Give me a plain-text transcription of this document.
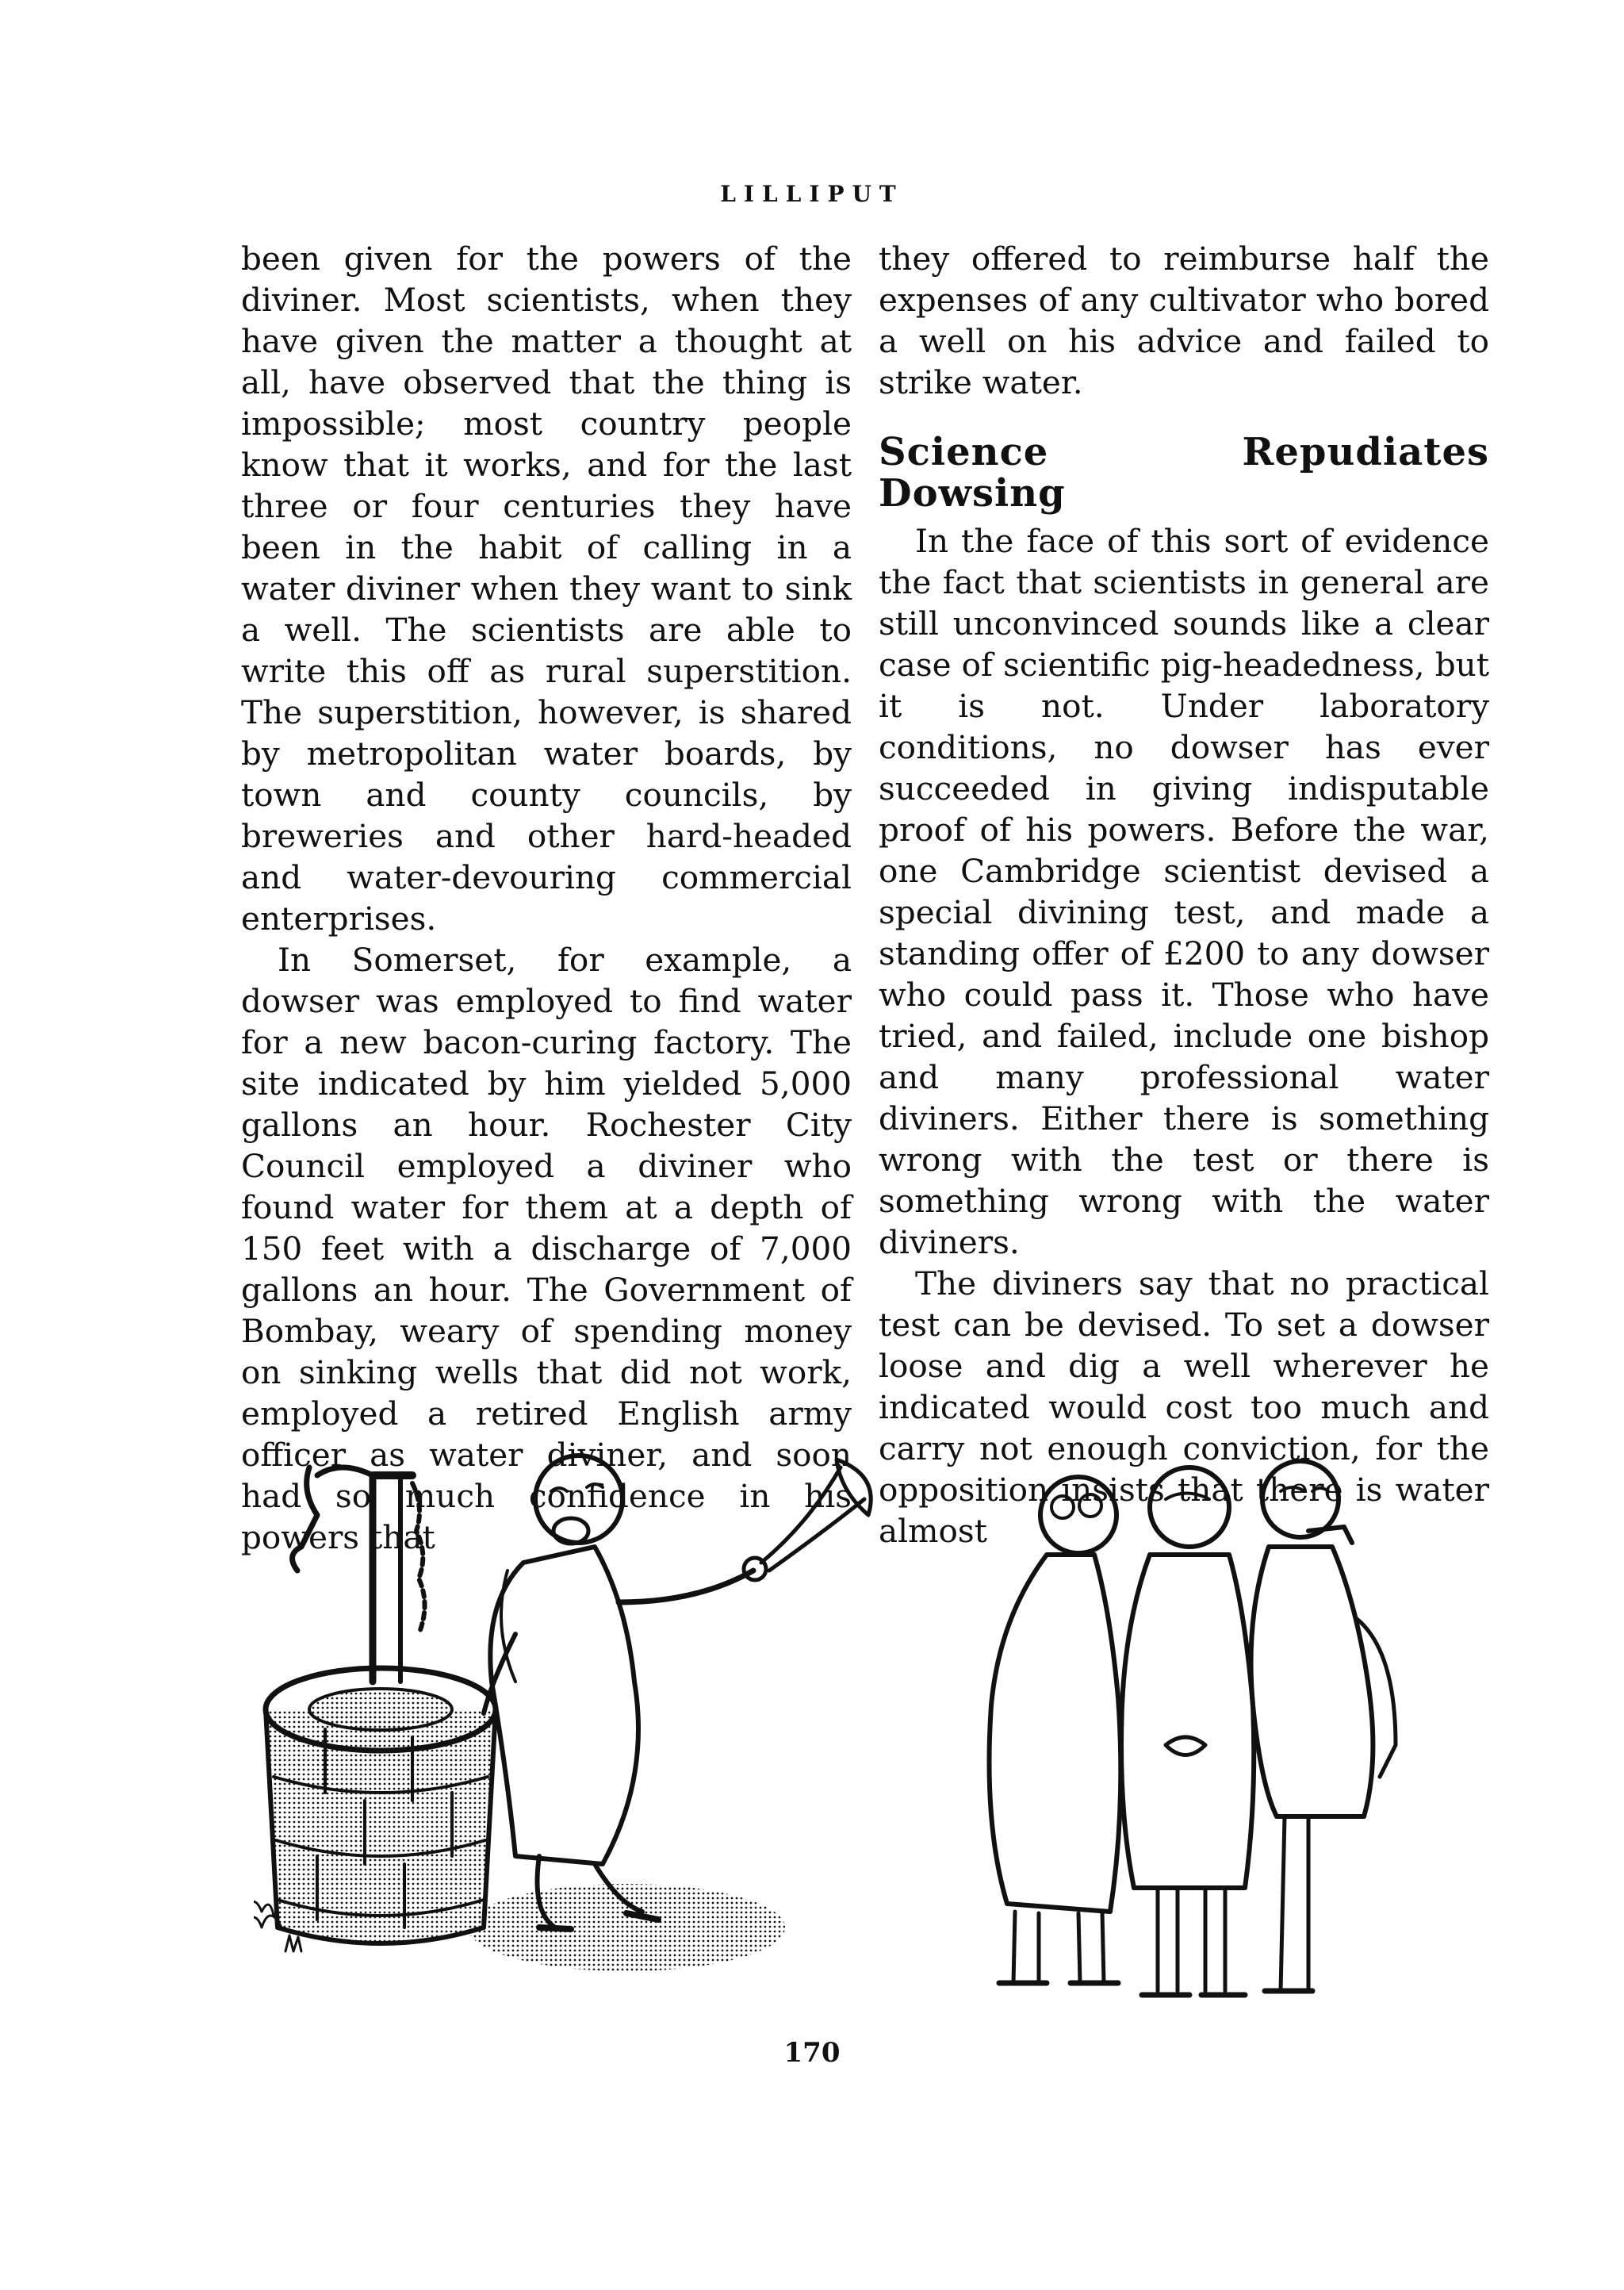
LILLIPUT

been given for the powers of the diviner. Most scientists, when they have given the matter a thought at all, have observed that the thing is impossible; most country people know that it works, and for the last three or four centuries they have been in the habit of calling in a water diviner when they want to sink a well. The scientists are able to write this off as rural superstition. The superstition, however, is shared by metropolitan water boards, by town and county councils, by breweries and other hard-headed and water-devouring commercial enterprises.

In Somerset, for example, a dowser was employed to find water for a new bacon-curing factory. The site indicated by him yielded 5,000 gallons an hour. Rochester City Council employed a diviner who found water for them at a depth of 150 feet with a discharge of 7,000 gallons an hour. The Government of Bombay, weary of spending money on sinking wells that did not work, employed a retired English army officer as water diviner, and soon had so much confidence in his powers that

they offered to reimburse half the expenses of any cultivator who bored a well on his advice and failed to strike water.

Science Repudiates Dowsing

In the face of this sort of evidence the fact that scientists in general are still unconvinced sounds like a clear case of scientific pig-headedness, but it is not. Under laboratory conditions, no dowser has ever succeeded in giving indisputable proof of his powers. Before the war, one Cambridge scientist devised a special divining test, and made a standing offer of £200 to any dowser who could pass it. Those who have tried, and failed, include one bishop and many professional water diviners. Either there is something wrong with the test or there is something wrong with the water diviners.

The diviners say that no practical test can be devised. To set a dowser loose and dig a well wherever he indicated would cost too much and carry not enough conviction, for the opposition insists that there is water almost

170
